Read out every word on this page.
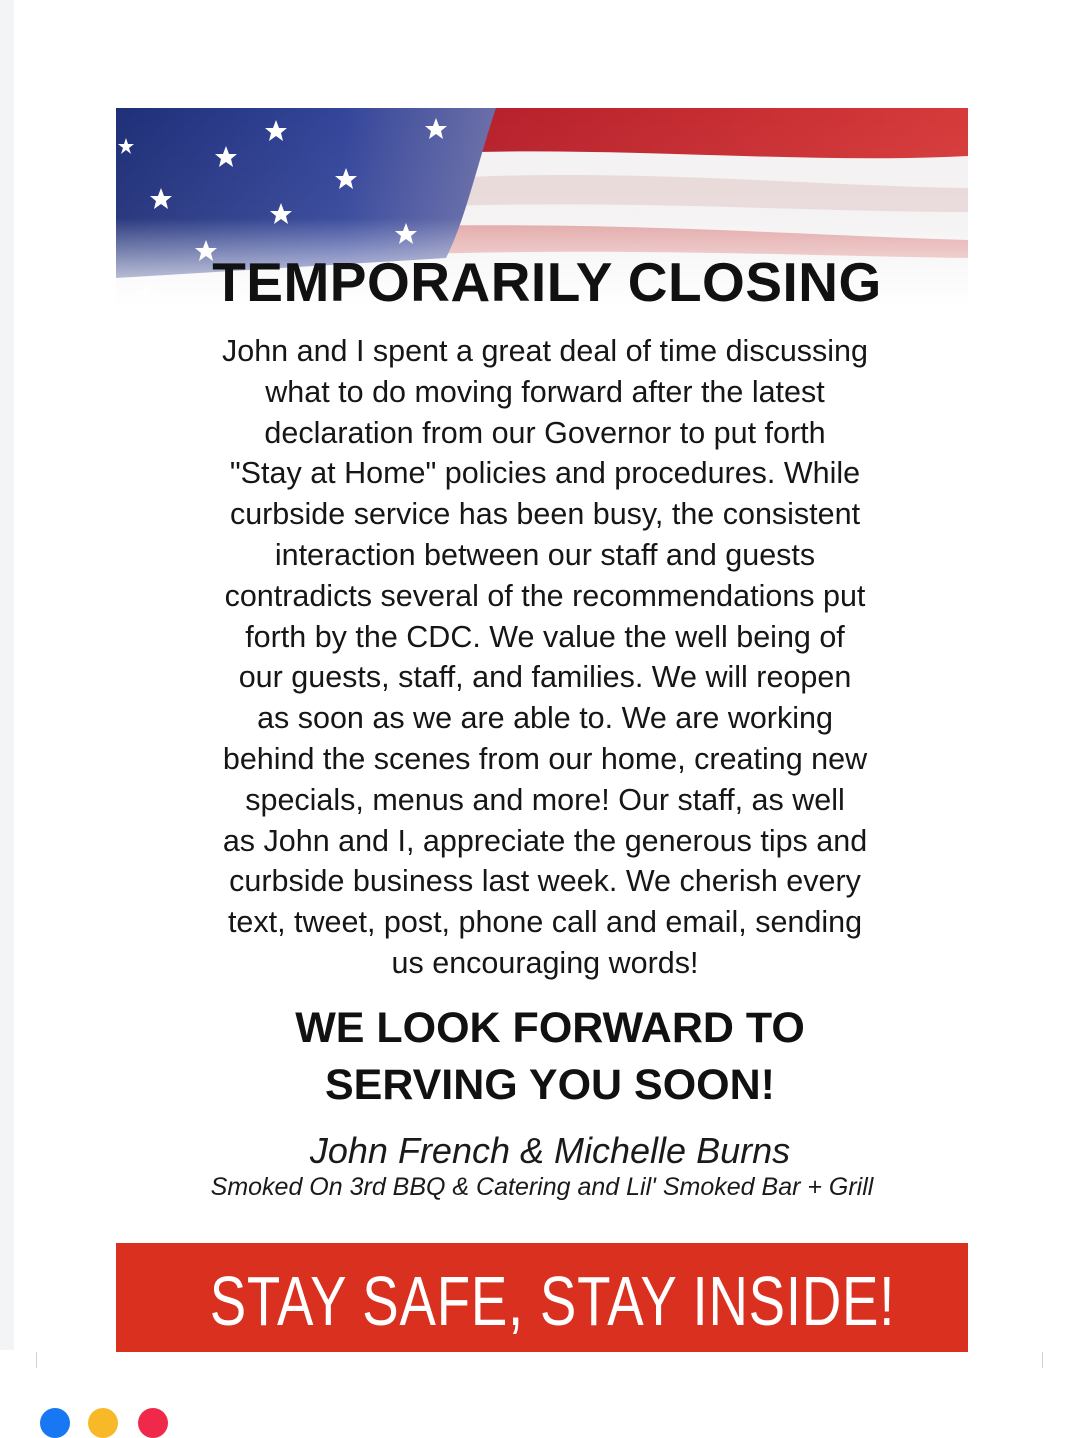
TEMPORARILY CLOSING
John and I spent a great deal of time discussing
what to do moving forward after the latest
declaration from our Governor to put forth
"Stay at Home" policies and procedures. While
curbside service has been busy, the consistent
interaction between our staff and guests
contradicts several of the recommendations put
forth by the CDC. We value the well being of
our guests, staff, and families. We will reopen
as soon as we are able to. We are working
behind the scenes from our home, creating new
specials, menus and more! Our staff, as well
as John and I, appreciate the generous tips and
curbside business last week. We cherish every
text, tweet, post, phone call and email, sending
us encouraging words!
WE LOOK FORWARD TO
SERVING YOU SOON!
John French & Michelle Burns
Smoked On 3rd BBQ & Catering and Lil' Smoked Bar + Grill
STAY SAFE, STAY INSIDE!
